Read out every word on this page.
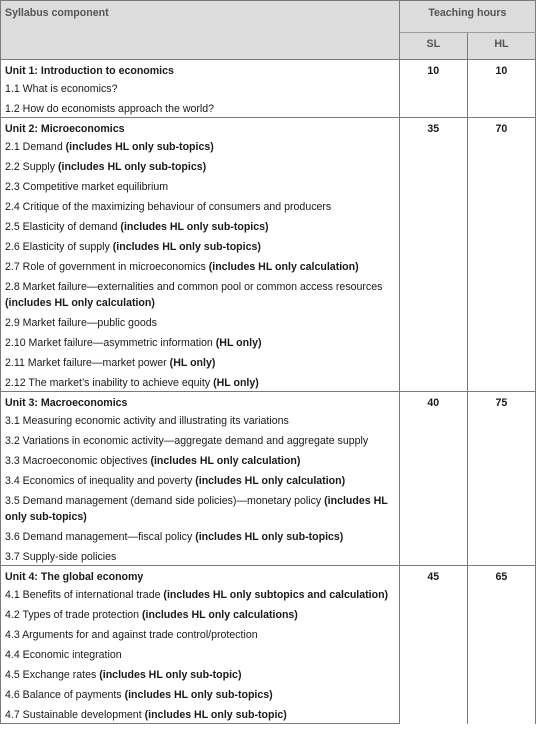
Syllabus component	Teaching hours	
	SL	HL
Unit 1: Introduction to economics	10	10
1.1 What is economics?		
1.2 How do economists approach the world?		
Unit 2: Microeconomics	35	70
2.1 Demand (includes HL only sub-topics)		
2.2 Supply (includes HL only sub-topics)		
2.3 Competitive market equilibrium		
2.4 Critique of the maximizing behaviour of consumers and producers		
2.5 Elasticity of demand (includes HL only sub-topics)		
2.6 Elasticity of supply (includes HL only sub-topics)		
2.7 Role of government in microeconomics (includes HL only calculation)		
2.8 Market failure—externalities and common pool or common access resources (includes HL only calculation)		
2.9 Market failure—public goods		
2.10 Market failure—asymmetric information (HL only)		
2.11 Market failure—market power (HL only)		
2.12 The market’s inability to achieve equity (HL only)		
Unit 3: Macroeconomics	40	75
3.1 Measuring economic activity and illustrating its variations		
3.2 Variations in economic activity—aggregate demand and aggregate supply		
3.3 Macroeconomic objectives (includes HL only calculation)		
3.4 Economics of inequality and poverty (includes HL only calculation)		
3.5 Demand management (demand side policies)—monetary policy (includes HL only sub-topics)		
3.6 Demand management—fiscal policy (includes HL only sub-topics)		
3.7 Supply-side policies		
Unit 4: The global economy	45	65
4.1 Benefits of international trade (includes HL only subtopics and calculation)		
4.2 Types of trade protection (includes HL only calculations)		
4.3 Arguments for and against trade control/protection		
4.4 Economic integration		
4.5 Exchange rates (includes HL only sub-topic)		
4.6 Balance of payments (includes HL only sub-topics)		
4.7 Sustainable development (includes HL only sub-topic)		
